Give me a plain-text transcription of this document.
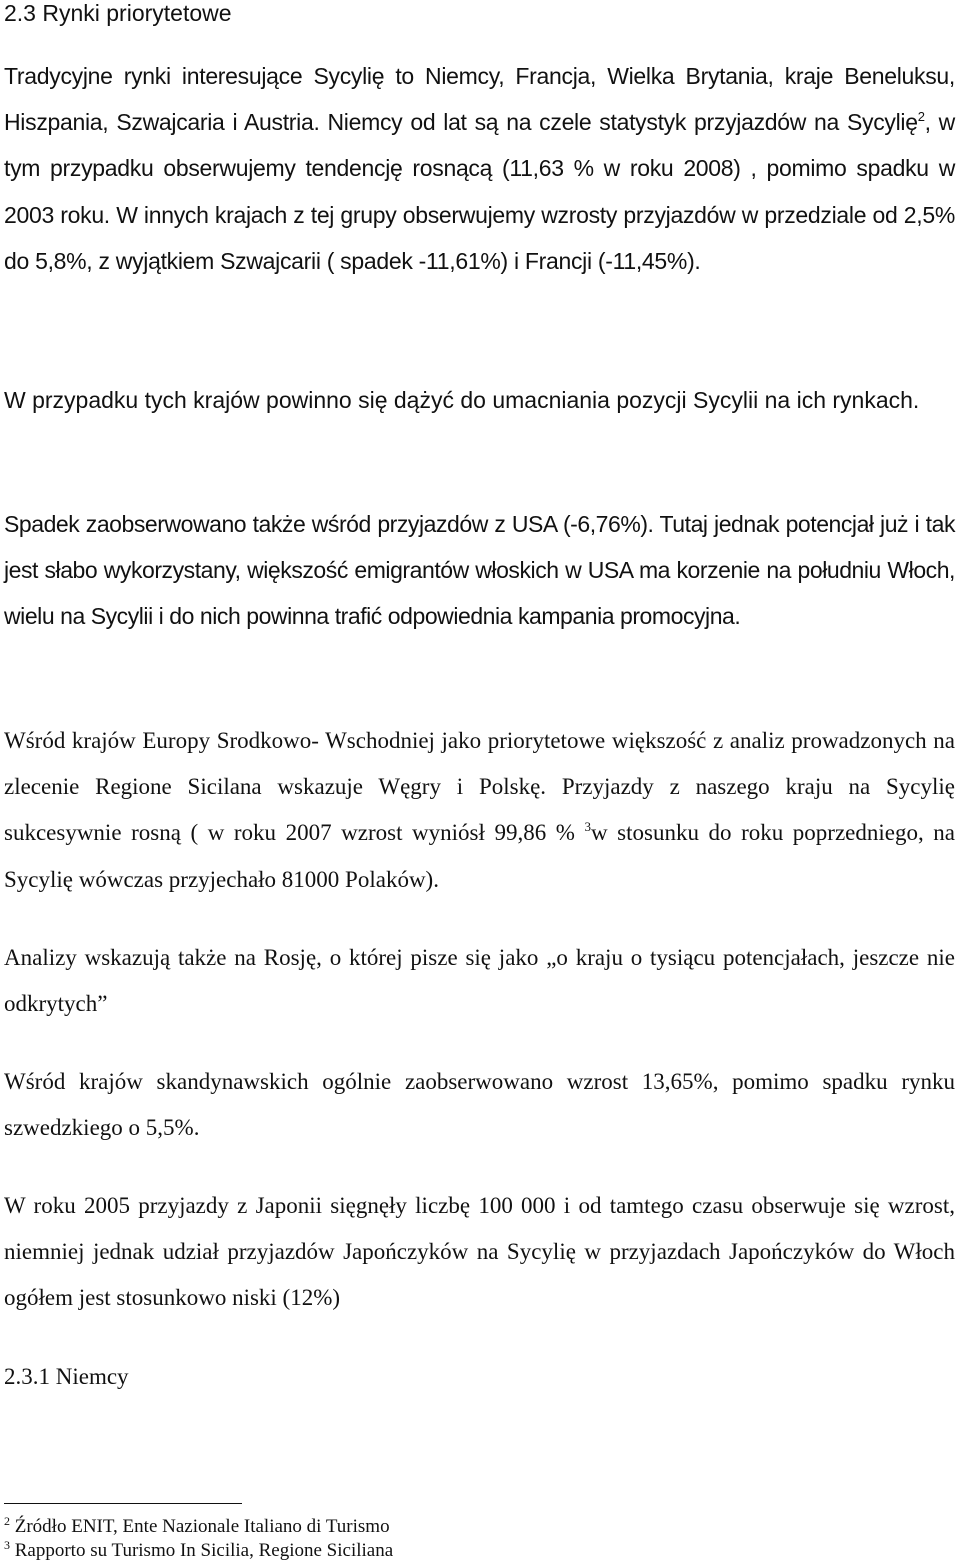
2.3 Rynki priorytetowe

Tradycyjne rynki interesujące Sycylię to Niemcy, Francja, Wielka Brytania, kraje Beneluksu, Hiszpania, Szwajcaria i Austria. Niemcy od lat są na czele statystyk przyjazdów na Sycylię$^2$, w tym przypadku obserwujemy tendencję rosnącą (11,63 % w roku 2008) , pomimo spadku w 2003 roku. W innych krajach z tej grupy obserwujemy wzrosty przyjazdów w przedziale od 2,5% do 5,8%, z wyjątkiem Szwajcarii ( spadek -11,61%) i Francji (-11,45%).

W przypadku tych krajów powinno się dążyć do umacniania pozycji Sycylii na ich rynkach.

Spadek zaobserwowano także wśród przyjazdów z USA (-6,76%). Tutaj jednak potencjał już i tak jest słabo wykorzystany, większość emigrantów włoskich w USA ma korzenie na południu Włoch, wielu na Sycylii i do nich powinna trafić odpowiednia kampania promocyjna.

Wśród krajów Europy Srodkowo- Wschodniej jako priorytetowe większość z analiz prowadzonych na zlecenie Regione Sicilana wskazuje Węgry i Polskę. Przyjazdy z naszego kraju na Sycylię sukcesywnie rosną ( w roku 2007 wzrost wyniósł 99,86 % $^3$w stosunku do roku poprzedniego, na Sycylię wówczas przyjechało 81000 Polaków).

Analizy wskazują także na Rosję, o której pisze się jako „o kraju o tysiącu potencjałach, jeszcze nie odkrytych”

Wśród krajów skandynawskich ogólnie zaobserwowano wzrost 13,65%, pomimo spadku rynku szwedzkiego o 5,5%.

W roku 2005 przyjazdy z Japonii sięgnęły liczbę 100 000 i od tamtego czasu obserwuje się wzrost, niemniej jednak udział przyjazdów Japończyków na Sycylię w przyjazdach Japończyków do Włoch ogółem jest stosunkowo niski (12%)

2.3.1 Niemcy

$^2$ Źródło ENIT, Ente Nazionale Italiano di Turismo

$^3$ Rapporto su Turismo In Sicilia, Regione Siciliana
